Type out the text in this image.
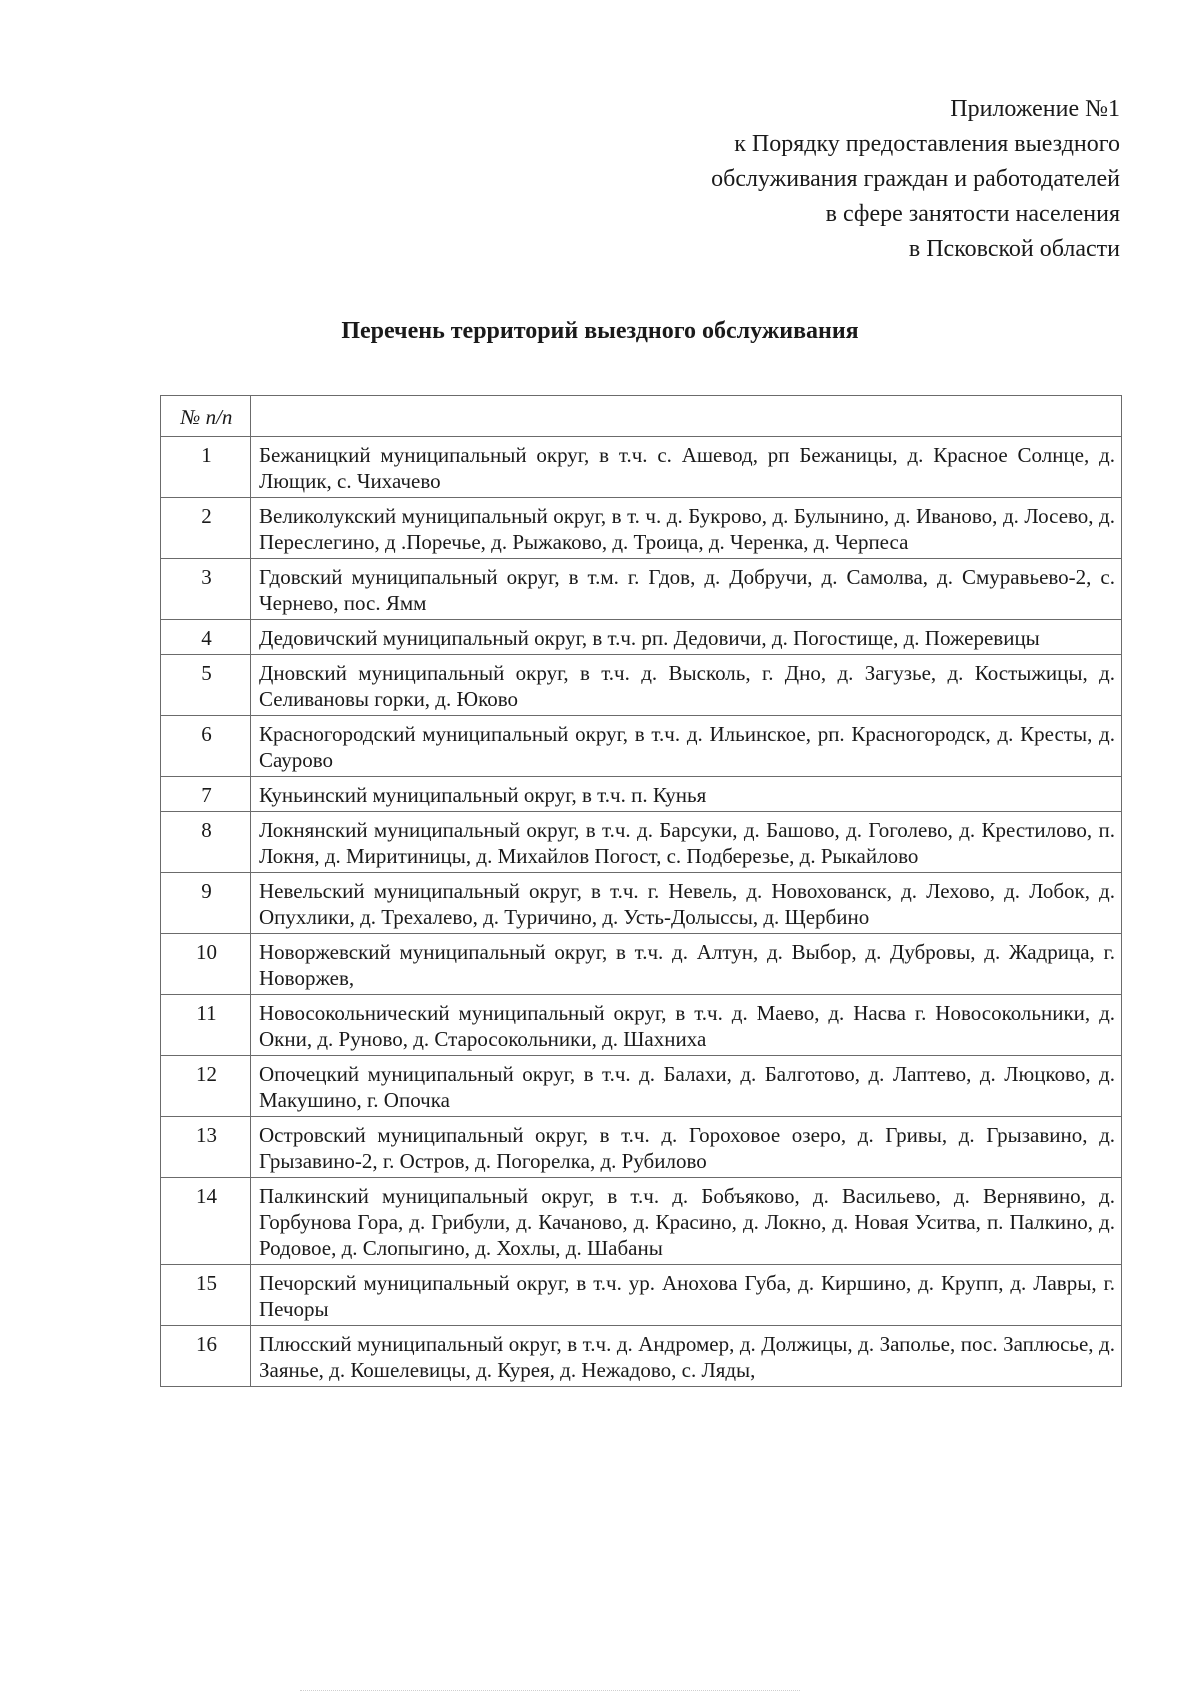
Приложение №1
к Порядку предоставления выездного
обслуживания граждан и работодателей
в сфере занятости населения
в Псковской области
Перечень территорий выездного обслуживания
№ п/п	
1	Бежаницкий муниципальный округ, в т.ч. с. Ашевод, рп Бежаницы, д. Красное Солнце, д. Лющик, с. Чихачево
2	Великолукский муниципальный округ, в т. ч. д. Букрово, д. Булынино, д. Иваново, д. Лосево, д. Переслегино, д .Поречье, д. Рыжаково, д. Троица, д. Черенка, д. Черпеса
3	Гдовский муниципальный округ, в т.м. г. Гдов, д. Добручи, д. Самолва, д. Смуравьево-2, с. Чернево, пос. Ямм
4	Дедовичский муниципальный округ, в т.ч. рп. Дедовичи, д. Погостище, д. Пожеревицы
5	Дновский муниципальный округ, в т.ч. д. Высколь, г. Дно, д. Загузье, д. Костыжицы, д. Селивановы горки, д. Юково
6	Красногородский муниципальный округ, в т.ч. д. Ильинское, рп. Красногородск, д. Кресты, д. Саурово
7	Куньинский муниципальный округ, в т.ч. п. Кунья
8	Локнянский муниципальный округ, в т.ч. д. Барсуки, д. Башово, д. Гоголево, д. Крестилово, п. Локня, д. Миритиницы, д. Михайлов Погост, с. Подберезье, д. Рыкайлово
9	Невельский муниципальный округ, в т.ч. г. Невель, д. Новохованск, д. Лехово, д. Лобок, д. Опухлики, д. Трехалево, д. Туричино, д. Усть-Долыссы, д. Щербино
10	Новоржевский муниципальный округ, в т.ч. д. Алтун, д. Выбор, д. Дубровы, д. Жадрица, г. Новоржев,
11	Новосокольнический муниципальный округ, в т.ч. д. Маево, д. Насва г. Новосокольники, д. Окни, д. Руново, д. Старосокольники, д. Шахниха
12	Опочецкий муниципальный округ, в т.ч. д. Балахи, д. Балготово, д. Лаптево, д. Люцково, д. Макушино, г. Опочка
13	Островский муниципальный округ, в т.ч. д. Гороховое озеро, д. Гривы, д. Грызавино, д. Грызавино-2, г. Остров, д. Погорелка, д. Рубилово
14	Палкинский муниципальный округ, в т.ч. д. Бобъяково, д. Васильево, д. Вернявино, д. Горбунова Гора, д. Грибули, д. Качаново, д. Красино, д. Локно, д. Новая Уситва, п. Палкино, д. Родовое, д. Слопыгино, д. Хохлы, д. Шабаны
15	Печорский муниципальный округ, в т.ч. ур. Анохова Губа, д. Киршино, д. Крупп, д. Лавры, г. Печоры
16	Плюсский муниципальный округ, в т.ч. д. Андромер, д. Должицы, д. Заполье, пос. Заплюсье, д. Заянье, д. Кошелевицы, д. Курея, д. Нежадово, с. Ляды,
